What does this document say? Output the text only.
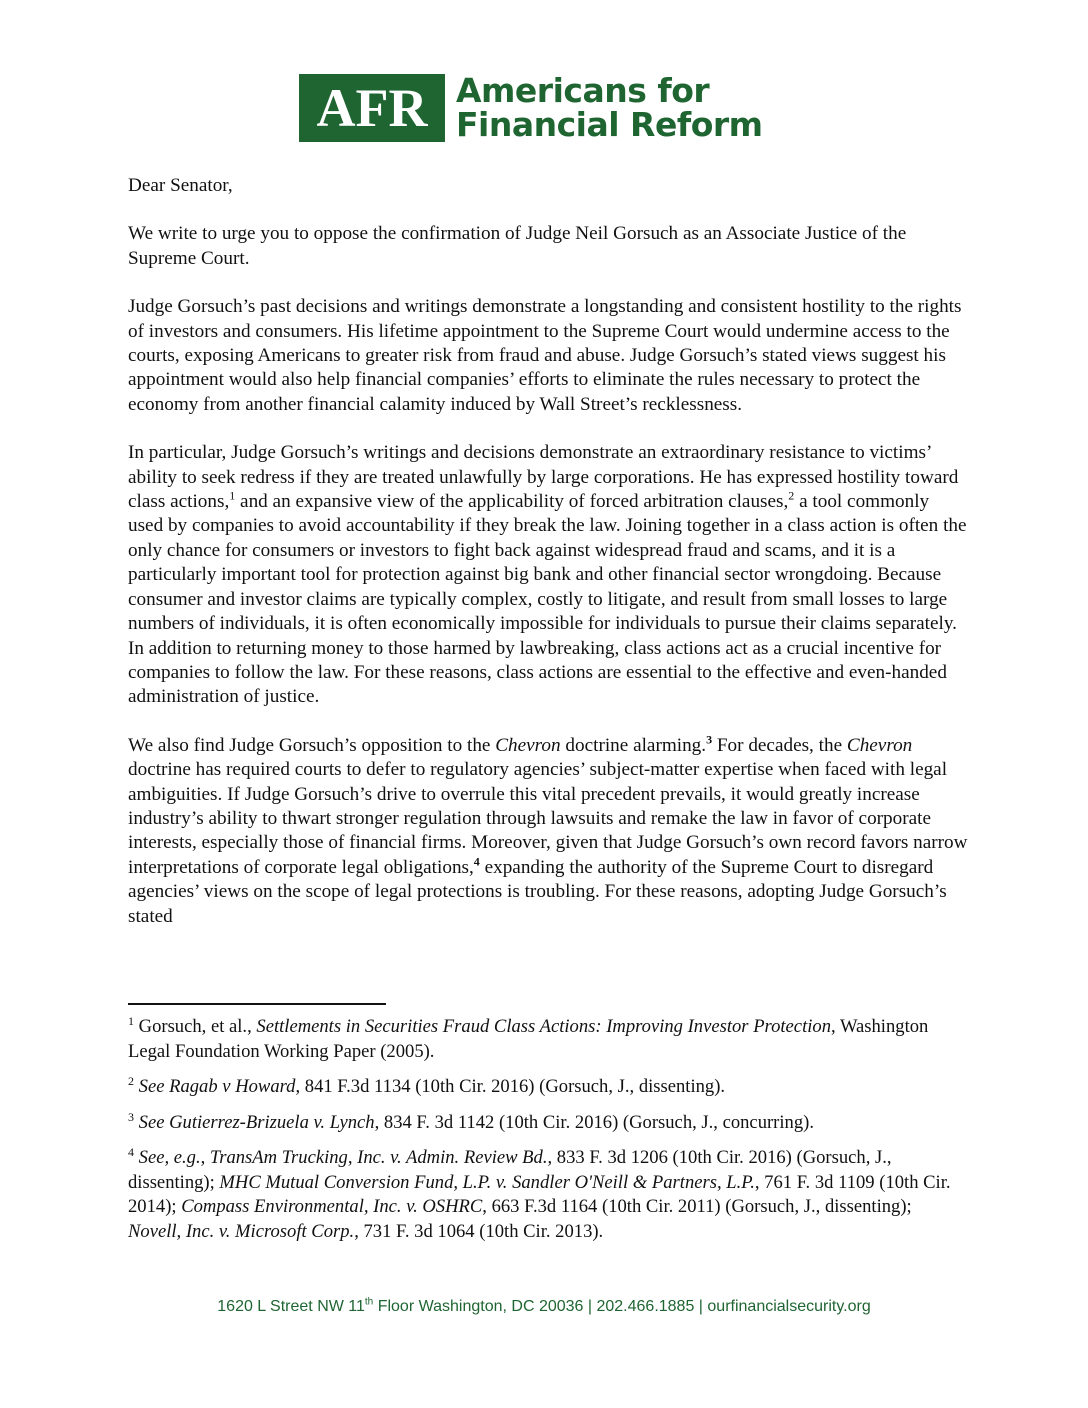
AFR Americans for
Financial Reform

Dear Senator,

We write to urge you to oppose the confirmation of Judge Neil Gorsuch as an Associate Justice of the Supreme Court.

Judge Gorsuch’s past decisions and writings demonstrate a longstanding and consistent hostility to the rights of investors and consumers. His lifetime appointment to the Supreme Court would undermine access to the courts, exposing Americans to greater risk from fraud and abuse. Judge Gorsuch’s stated views suggest his appointment would also help financial companies’ efforts to eliminate the rules necessary to protect the economy from another financial calamity induced by Wall Street’s recklessness.

In particular, Judge Gorsuch’s writings and decisions demonstrate an extraordinary resistance to victims’ ability to seek redress if they are treated unlawfully by large corporations. He has expressed hostility toward class actions,$^1$ and an expansive view of the applicability of forced arbitration clauses,$^2$ a tool commonly used by companies to avoid accountability if they break the law. Joining together in a class action is often the only chance for consumers or investors to fight back against widespread fraud and scams, and it is a particularly important tool for protection against big bank and other financial sector wrongdoing. Because consumer and investor claims are typically complex, costly to litigate, and result from small losses to large numbers of individuals, it is often economically impossible for individuals to pursue their claims separately. In addition to returning money to those harmed by lawbreaking, class actions act as a crucial incentive for companies to follow the law. For these reasons, class actions are essential to the effective and even-handed administration of justice.

We also find Judge Gorsuch’s opposition to the Chevron doctrine alarming.$^3$ For decades, the Chevron doctrine has required courts to defer to regulatory agencies’ subject-matter expertise when faced with legal ambiguities. If Judge Gorsuch’s drive to overrule this vital precedent prevails, it would greatly increase industry’s ability to thwart stronger regulation through lawsuits and remake the law in favor of corporate interests, especially those of financial firms. Moreover, given that Judge Gorsuch’s own record favors narrow interpretations of corporate legal obligations,$^4$ expanding the authority of the Supreme Court to disregard agencies’ views on the scope of legal protections is troubling. For these reasons, adopting Judge Gorsuch’s stated

$^1$ Gorsuch, et al., Settlements in Securities Fraud Class Actions: Improving Investor Protection, Washington Legal Foundation Working Paper (2005).

$^2$ See Ragab v Howard, 841 F.3d 1134 (10th Cir. 2016) (Gorsuch, J., dissenting).

$^3$ See Gutierrez-Brizuela v. Lynch, 834 F. 3d 1142 (10th Cir. 2016) (Gorsuch, J., concurring).

$^4$ See, e.g., TransAm Trucking, Inc. v. Admin. Review Bd., 833 F. 3d 1206 (10th Cir. 2016) (Gorsuch, J., dissenting); MHC Mutual Conversion Fund, L.P. v. Sandler O'Neill & Partners, L.P., 761 F. 3d 1109 (10th Cir. 2014); Compass Environmental, Inc. v. OSHRC, 663 F.3d 1164 (10th Cir. 2011) (Gorsuch, J., dissenting); Novell, Inc. v. Microsoft Corp., 731 F. 3d 1064 (10th Cir. 2013).

1620 L Street NW 11th Floor Washington, DC 20036 | 202.466.1885 | ourfinancialsecurity.org
